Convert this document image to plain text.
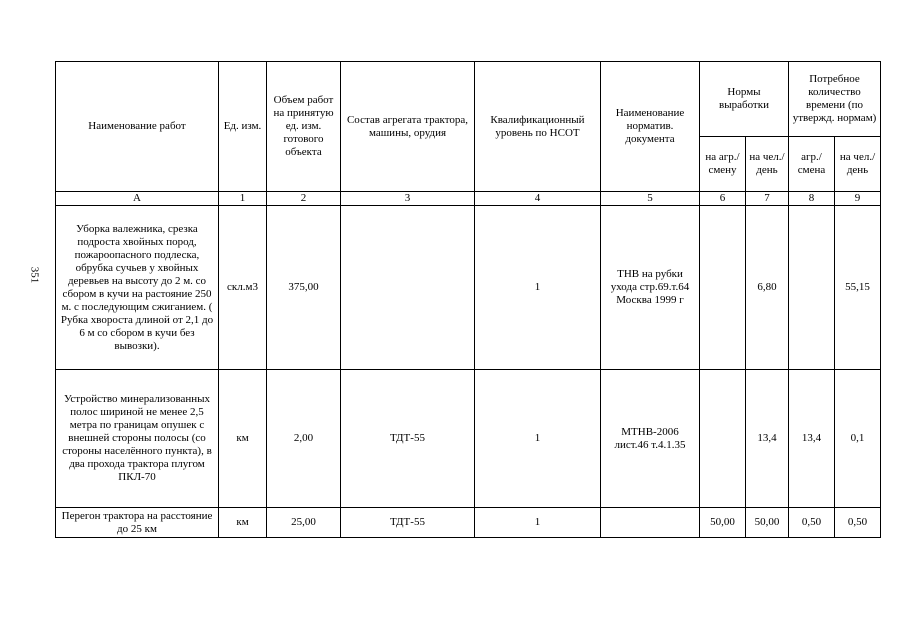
351
Наименование работ	Ед. изм.	Объем работ на принятую ед. изм. готового объекта	Состав агрегата трактора, машины, орудия	Квалификационный уровень по НСОТ	Наименование норматив. документа	Нормы выработки		Потребное количество времени (по утвержд. нормам)	
						на агр./ смену	на чел./ день	агр./ смена	на чел./ день
А	1	2	3	4	5	6	7	8	9
Уборка валежника, срезка подроста хвойных пород, пожароопасного подлеска, обрубка сучьев у хвойных деревьев на высоту до 2 м. со сбором в кучи на растояние 250 м. с последующим сжиганием. ( Рубка хвороста длиной от 2,1 до 6 м со сбором в кучи без вывозки).	скл.м3	375,00		1	ТНВ на рубки ухода стр.69.т.64 Москва 1999 г		6,80		55,15
Устройство минерализованных полос шириной не менее 2,5 метра по границам опушек с внешней стороны полосы (со стороны населённого пункта), в два прохода трактора плугом ПКЛ-70	км	2,00	ТДТ-55	1	МТНВ-2006 лист.46 т.4.1.35		13,4	13,4	0,1
Перегон трактора на расстояние до 25 км	км	25,00	ТДТ-55	1		50,00	50,00	0,50	0,50
